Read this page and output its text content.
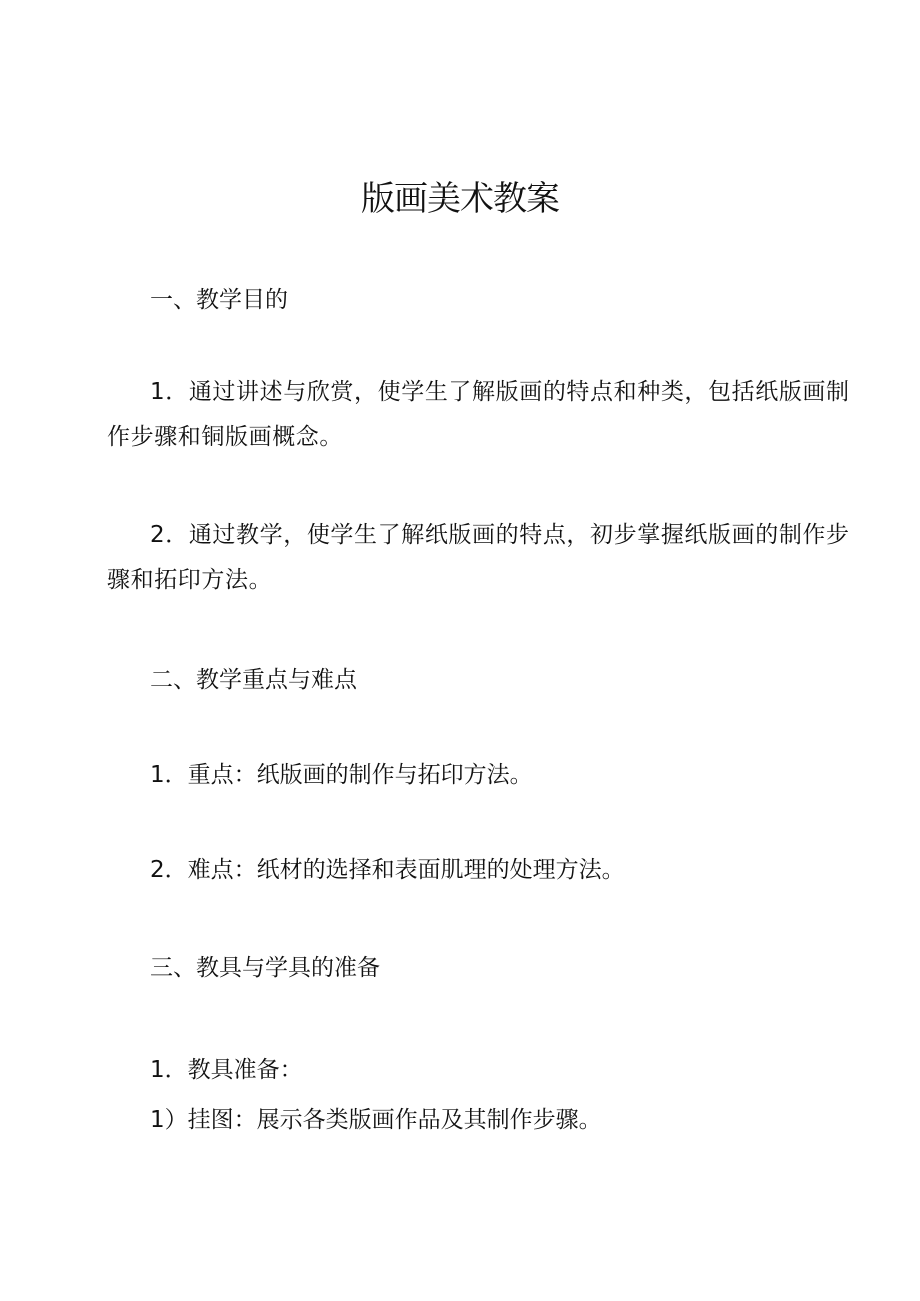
版画美术教案
一、教学目的
1．通过讲述与欣赏，使学生了解版画的特点和种类，包括纸版画制
作步骤和铜版画概念。
2．通过教学，使学生了解纸版画的特点，初步掌握纸版画的制作步
骤和拓印方法。
二、教学重点与难点
1．重点：纸版画的制作与拓印方法。
2．难点：纸材的选择和表面肌理的处理方法。
三、教具与学具的准备
1．教具准备：
1）挂图：展示各类版画作品及其制作步骤。
